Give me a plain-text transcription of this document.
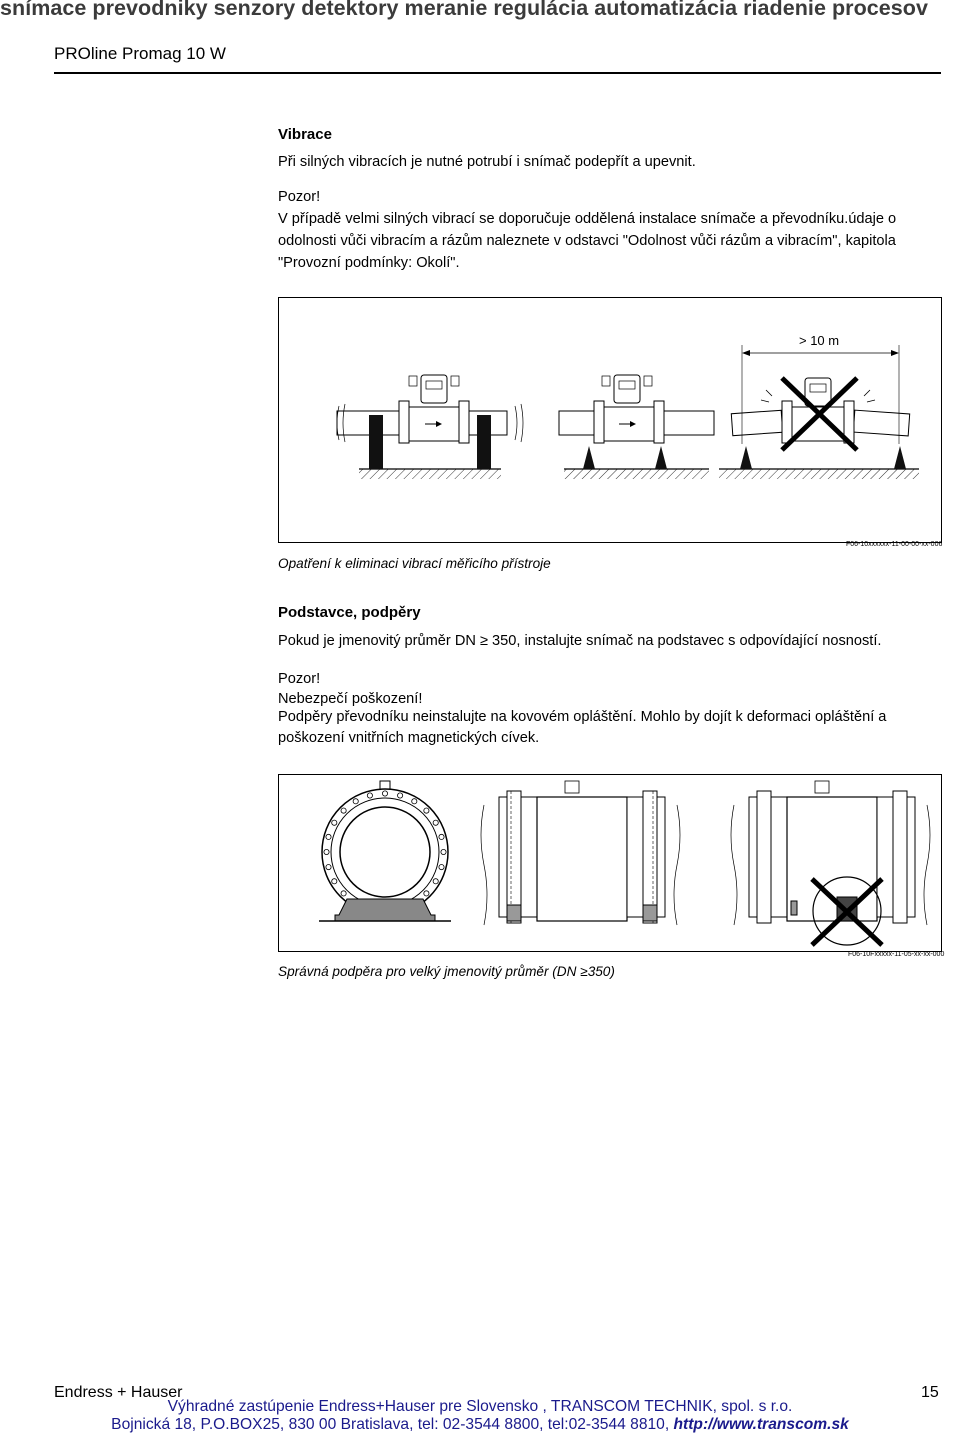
snímace prevodniky senzory detektory meranie regulácia automatizácia riadenie procesov
PROline Promag 10 W
Vibrace
Při silných vibracích je nutné potrubí i snímač podepřít a upevnit.
Pozor!
V případě velmi silných vibrací se doporučuje oddělená instalace snímače a převodníku.údaje o
odolnosti vůči vibracím a rázům naleznete v odstavci "Odolnost vůči rázům a vibracím", kapitola
"Provozní podmínky: Okolí".
> 10 m
F06-10xxxxxx-11-00-00-xx-006
Opatření k eliminaci vibrací měřicího přístroje
Podstavce, podpěry
Pokud je jmenovitý průměr DN ≥ 350, instalujte snímač na podstavec s odpovídající nosností.
Pozor!
Nebezpečí poškození!
Podpěry převodníku neinstalujte na kovovém opláštění. Mohlo by dojít k deformaci opláštění a
poškození vnitřních magnetických cívek.
F06-10Fxxxxx-11-05-xx-xx-000
Správná podpěra pro velký jmenovitý průměr (DN ≥350)
Endress + Hauser	15
Výhradné zastúpenie Endress+Hauser pre Slovensko , TRANSCOM TECHNIK, spol. s r.o.
Bojnická 18, P.O.BOX25, 830 00 Bratislava, tel: 02-3544 8800, tel:02-3544 8810, http://www.transcom.sk
